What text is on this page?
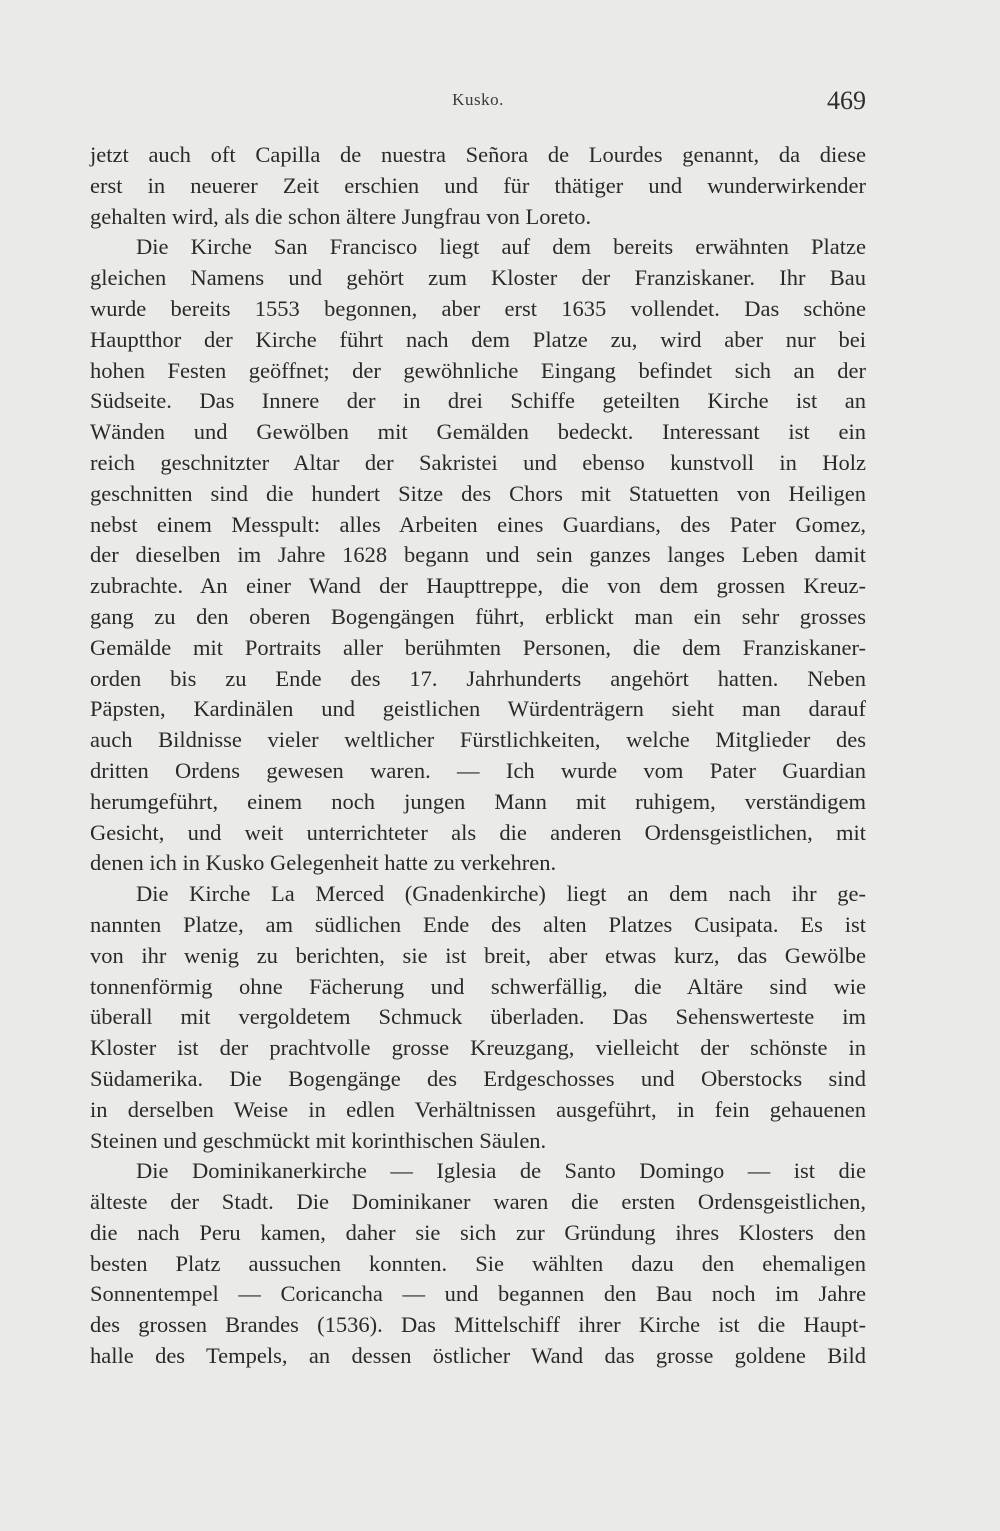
Kusko.	469
jetzt auch oft Capilla de nuestra Señora de Lourdes genannt, da diese
erst in neuerer Zeit erschien und für thätiger und wunderwirkender
gehalten wird, als die schon ältere Jungfrau von Loreto.
Die Kirche San Francisco liegt auf dem bereits erwähnten Platze
gleichen Namens und gehört zum Kloster der Franziskaner. Ihr Bau
wurde bereits 1553 begonnen, aber erst 1635 vollendet. Das schöne
Hauptthor der Kirche führt nach dem Platze zu, wird aber nur bei
hohen Festen geöffnet; der gewöhnliche Eingang befindet sich an der
Südseite. Das Innere der in drei Schiffe geteilten Kirche ist an
Wänden und Gewölben mit Gemälden bedeckt. Interessant ist ein
reich geschnitzter Altar der Sakristei und ebenso kunstvoll in Holz
geschnitten sind die hundert Sitze des Chors mit Statuetten von Heiligen
nebst einem Messpult: alles Arbeiten eines Guardians, des Pater Gomez,
der dieselben im Jahre 1628 begann und sein ganzes langes Leben damit
zubrachte. An einer Wand der Haupttreppe, die von dem grossen Kreuz-
gang zu den oberen Bogengängen führt, erblickt man ein sehr grosses
Gemälde mit Portraits aller berühmten Personen, die dem Franziskaner-
orden bis zu Ende des 17. Jahrhunderts angehört hatten. Neben
Päpsten, Kardinälen und geistlichen Würdenträgern sieht man darauf
auch Bildnisse vieler weltlicher Fürstlichkeiten, welche Mitglieder des
dritten Ordens gewesen waren. — Ich wurde vom Pater Guardian
herumgeführt, einem noch jungen Mann mit ruhigem, verständigem
Gesicht, und weit unterrichteter als die anderen Ordensgeistlichen, mit
denen ich in Kusko Gelegenheit hatte zu verkehren.
Die Kirche La Merced (Gnadenkirche) liegt an dem nach ihr ge-
nannten Platze, am südlichen Ende des alten Platzes Cusipata. Es ist
von ihr wenig zu berichten, sie ist breit, aber etwas kurz, das Gewölbe
tonnenförmig ohne Fächerung und schwerfällig, die Altäre sind wie
überall mit vergoldetem Schmuck überladen. Das Sehenswerteste im
Kloster ist der prachtvolle grosse Kreuzgang, vielleicht der schönste in
Südamerika. Die Bogengänge des Erdgeschosses und Oberstocks sind
in derselben Weise in edlen Verhältnissen ausgeführt, in fein gehauenen
Steinen und geschmückt mit korinthischen Säulen.
Die Dominikanerkirche — Iglesia de Santo Domingo — ist die
älteste der Stadt. Die Dominikaner waren die ersten Ordensgeistlichen,
die nach Peru kamen, daher sie sich zur Gründung ihres Klosters den
besten Platz aussuchen konnten. Sie wählten dazu den ehemaligen
Sonnentempel — Coricancha — und begannen den Bau noch im Jahre
des grossen Brandes (1536). Das Mittelschiff ihrer Kirche ist die Haupt-
halle des Tempels, an dessen östlicher Wand das grosse goldene Bild
